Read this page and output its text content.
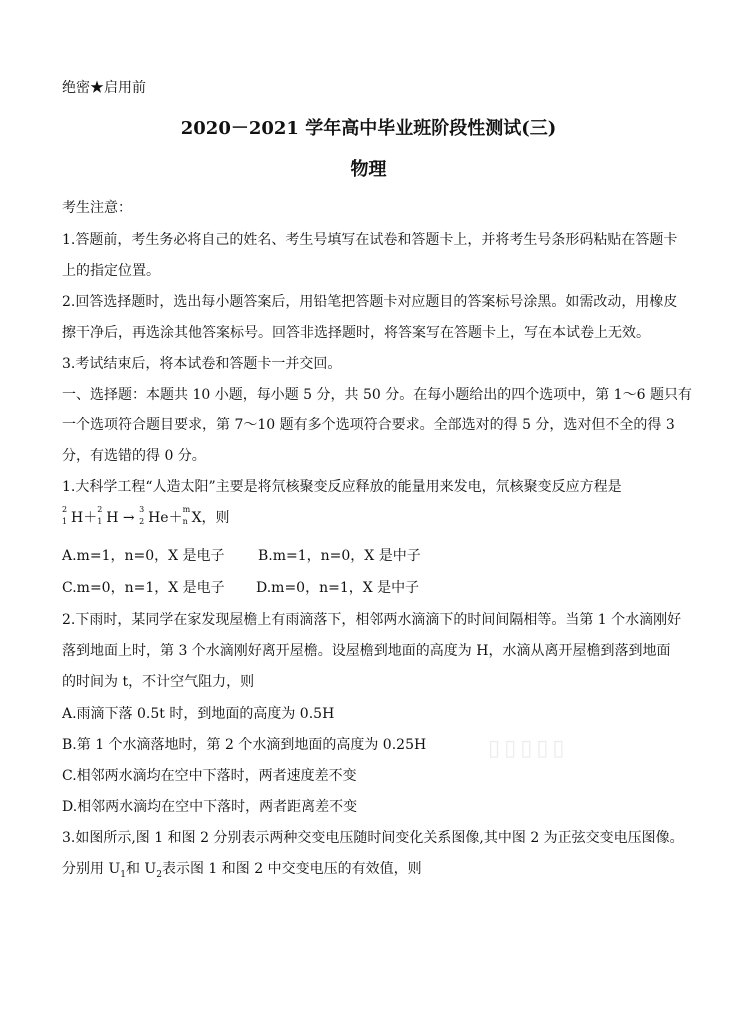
绝密★启用前
2020－2021 学年高中毕业班阶段性测试(三)
物理
考生注意：
1.答题前，考生务必将自己的姓名、考生号填写在试卷和答题卡上，并将考生号条形码粘贴在答题卡
上的指定位置。
2.回答选择题时，选出每小题答案后，用铅笔把答题卡对应题目的答案标号涂黑。如需改动，用橡皮
擦干净后，再选涂其他答案标号。回答非选择题时，将答案写在答题卡上，写在本试卷上无效。
3.考试结束后，将本试卷和答题卡一并交回。
一、选择题：本题共 10 小题，每小题 5 分，共 50 分。在每小题给出的四个选项中，第 1～6 题只有
一个选项符合题目要求，第 7～10 题有多个选项符合要求。全部选对的得 5 分，选对但不全的得 3
分，有选错的得 0 分。
1.大科学工程“人造太阳”主要是将氘核聚变反应释放的能量用来发电，氘核聚变反应方程是
2
1 H＋
2
1 H →
3
2 He＋
m
n X，则
A.m=1，n=0，X 是电子 B.m=1，n=0，X 是中子
C.m=0，n=1，X 是电子 D.m=0，n=1，X 是中子
2.下雨时，某同学在家发现屋檐上有雨滴落下，相邻两水滴滴下的时间间隔相等。当第 1 个水滴刚好
落到地面上时，第 3 个水滴刚好离开屋檐。设屋檐到地面的高度为 H，水滴从离开屋檐到落到地面
的时间为 t，不计空气阻力，则
A.雨滴下落 0.5t 时，到地面的高度为 0.5H
B.第 1 个水滴落地时，第 2 个水滴到地面的高度为 0.25H
C.相邻两水滴均在空中下落时，两者速度差不变
D.相邻两水滴均在空中下落时，两者距离差不变
3.如图所示,图 1 和图 2 分别表示两种交变电压随时间变化关系图像,其中图 2 为正弦交变电压图像。
分别用 $U_1$和 $U_2$表示图 1 和图 2 中交变电压的有效值，则
▯▯▯▯▯
